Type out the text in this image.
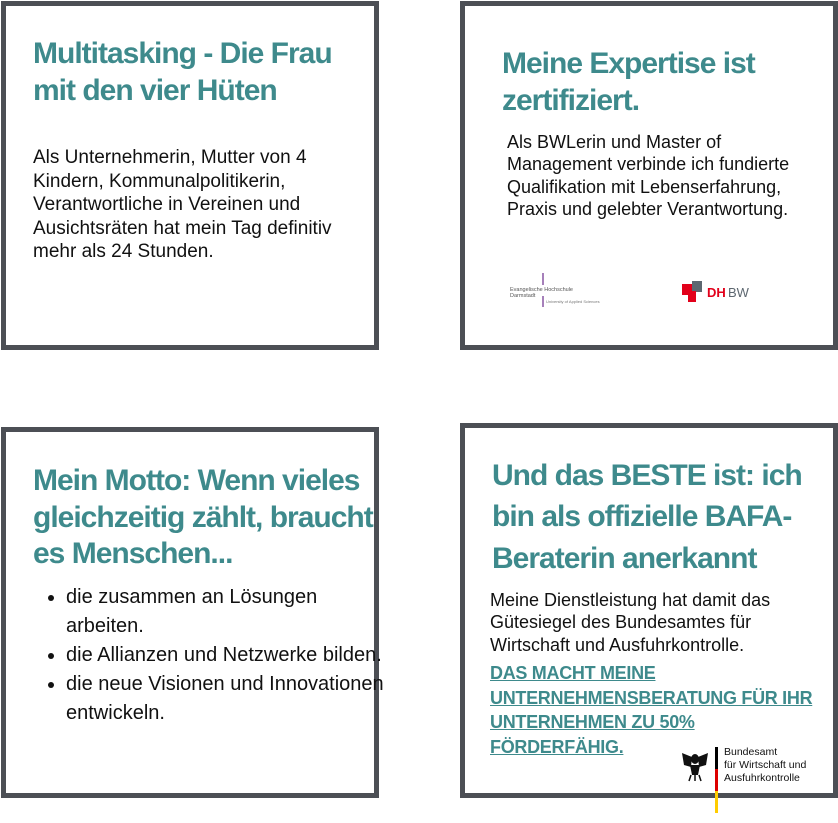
Multitasking - Die Frau mit den vier Hüten

Als Unternehmerin, Mutter von 4 Kindern, Kommunalpolitikerin, Verantwortliche in Vereinen und Ausichtsräten hat mein Tag definitiv mehr als 24 Stunden.

Meine Expertise ist zertifiziert.

Als BWLerin und Master of Management verbinde ich fundierte Qualifikation mit Lebenserfahrung, Praxis und gelebter Verantwortung.

Evangelische Hochschule
Darmstadt
University of Applied Sciences
DH BW
Mein Motto: Wenn vieles gleichzeitig zählt, braucht es Menschen...
• die zusammen an Lösungen arbeiten.
• die Allianzen und Netzwerke bilden.
• die neue Visionen und Innovationen entwickeln.
Und das BESTE ist: ich bin als offizielle BAFA-Beraterin anerkannt

Meine Dienstleistung hat damit das Gütesiegel des Bundesamtes für Wirtschaft und Ausfuhrkontrolle.

DAS MACHT MEINE UNTERNEHMENSBERATUNG FÜR IHR UNTERNEHMEN ZU 50% FÖRDERFÄHIG.	Bundesamt
für Wirtschaft und
Ausfuhrkontrolle
